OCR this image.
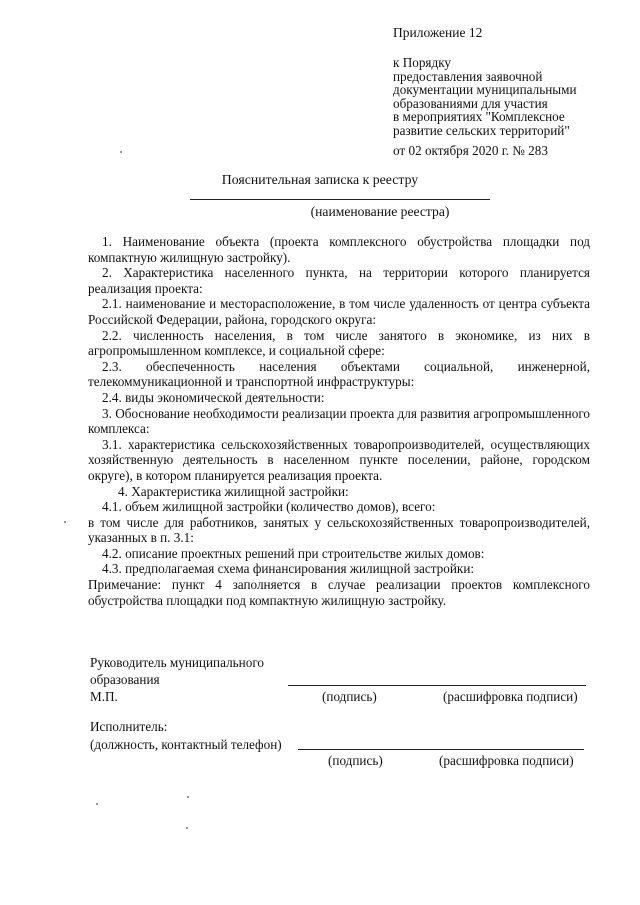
Приложение 12
к Порядку
предоставления заявочной
документации муниципальными
образованиями для участия
в мероприятиях "Комплексное
развитие сельских территорий"
от 02 октября 2020 г. № 283
Пояснительная записка к реестру
(наименование реестра)

1. Наименование объекта (проекта комплексного обустройства площадки под компактную жилищную застройку).

2. Характеристика населенного пункта, на территории которого планируется реализация проекта:

2.1. наименование и месторасположение, в том числе удаленность от центра субъекта Российской Федерации, района, городского округа:

2.2. численность населения, в том числе занятого в экономике, из них в агропромышленном комплексе, и социальной сфере:

2.3. обеспеченность населения объектами социальной, инженерной, телекоммуникационной и транспортной инфраструктуры:

2.4. виды экономической деятельности:

3. Обоснование необходимости реализации проекта для развития агропромышленного комплекса:

3.1. характеристика сельскохозяйственных товаропроизводителей, осуществляющих хозяйственную деятельность в населенном пункте поселении, районе, городском округе), в котором планируется реализация проекта.

4. Характеристика жилищной застройки:

4.1. объем жилищной застройки (количество домов), всего:

в том числе для работников, занятых у сельскохозяйственных товаропроизводителей, указанных в п. 3.1:

4.2. описание проектных решений при строительстве жилых домов:

4.3. предполагаемая схема финансирования жилищной застройки:

Примечание: пункт 4 заполняется в случае реализации проектов комплексного обустройства площадки под компактную жилищную застройку.

Руководитель муниципального
образования
М.П.	(подпись)	(расшифровка подписи)
Исполнитель:
(должность, контактный телефон)
(подпись)	(расшифровка подписи)
